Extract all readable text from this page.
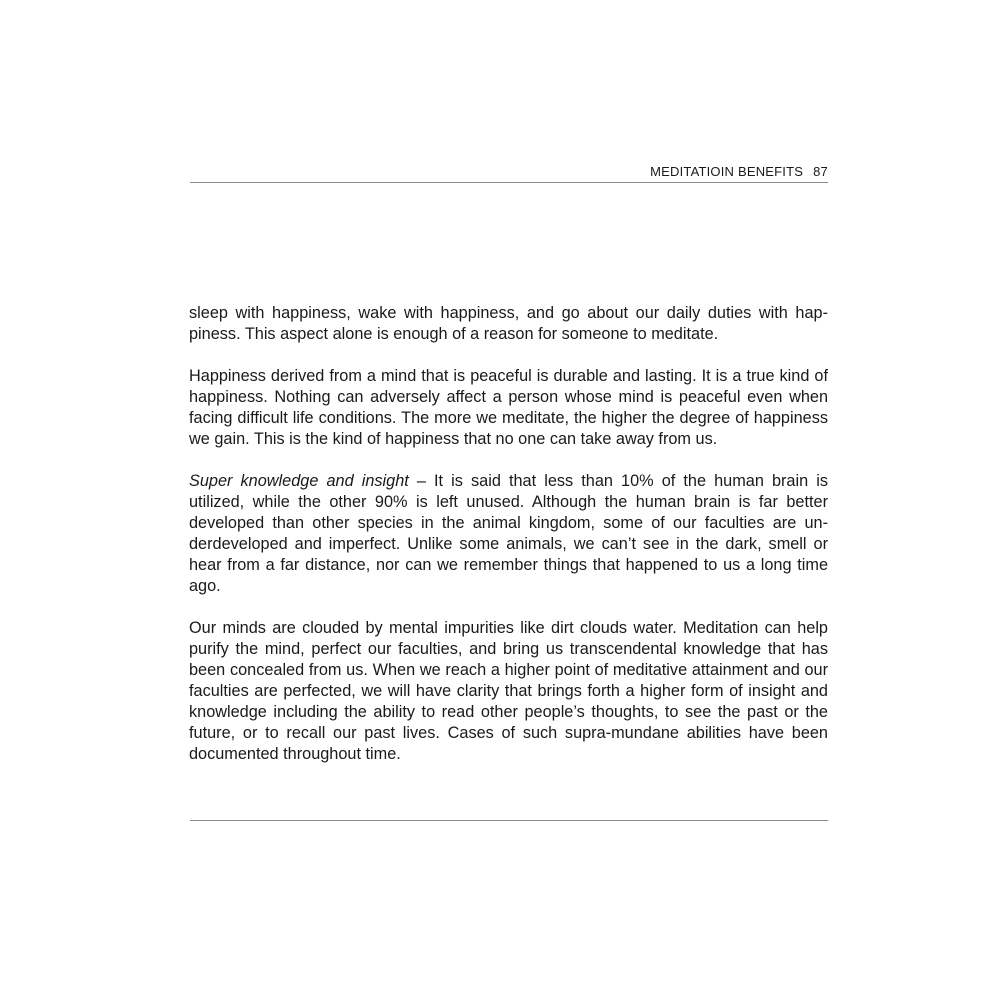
MEDITATIOIN BENEFITS 87

sleep with happiness, wake with happiness, and go about our daily duties with hap-piness. This aspect alone is enough of a reason for someone to meditate.

Happiness derived from a mind that is peaceful is durable and lasting. It is a true kind of happiness. Nothing can adversely affect a person whose mind is peaceful even when facing difficult life conditions. The more we meditate, the higher the degree of happiness we gain. This is the kind of happiness that no one can take away from us.

Super knowledge and insight – It is said that less than 10% of the human brain is utilized, while the other 90% is left unused. Although the human brain is far better developed than other species in the animal kingdom, some of our faculties are un-derdeveloped and imperfect. Unlike some animals, we can’t see in the dark, smell or hear from a far distance, nor can we remember things that happened to us a long time ago.

Our minds are clouded by mental impurities like dirt clouds water. Meditation can help purify the mind, perfect our faculties, and bring us transcendental knowledge that has been concealed from us. When we reach a higher point of meditative attainment and our faculties are perfected, we will have clarity that brings forth a higher form of insight and knowledge including the ability to read other people’s thoughts, to see the past or the future, or to recall our past lives. Cases of such supra-mundane abilities have been documented throughout time.
